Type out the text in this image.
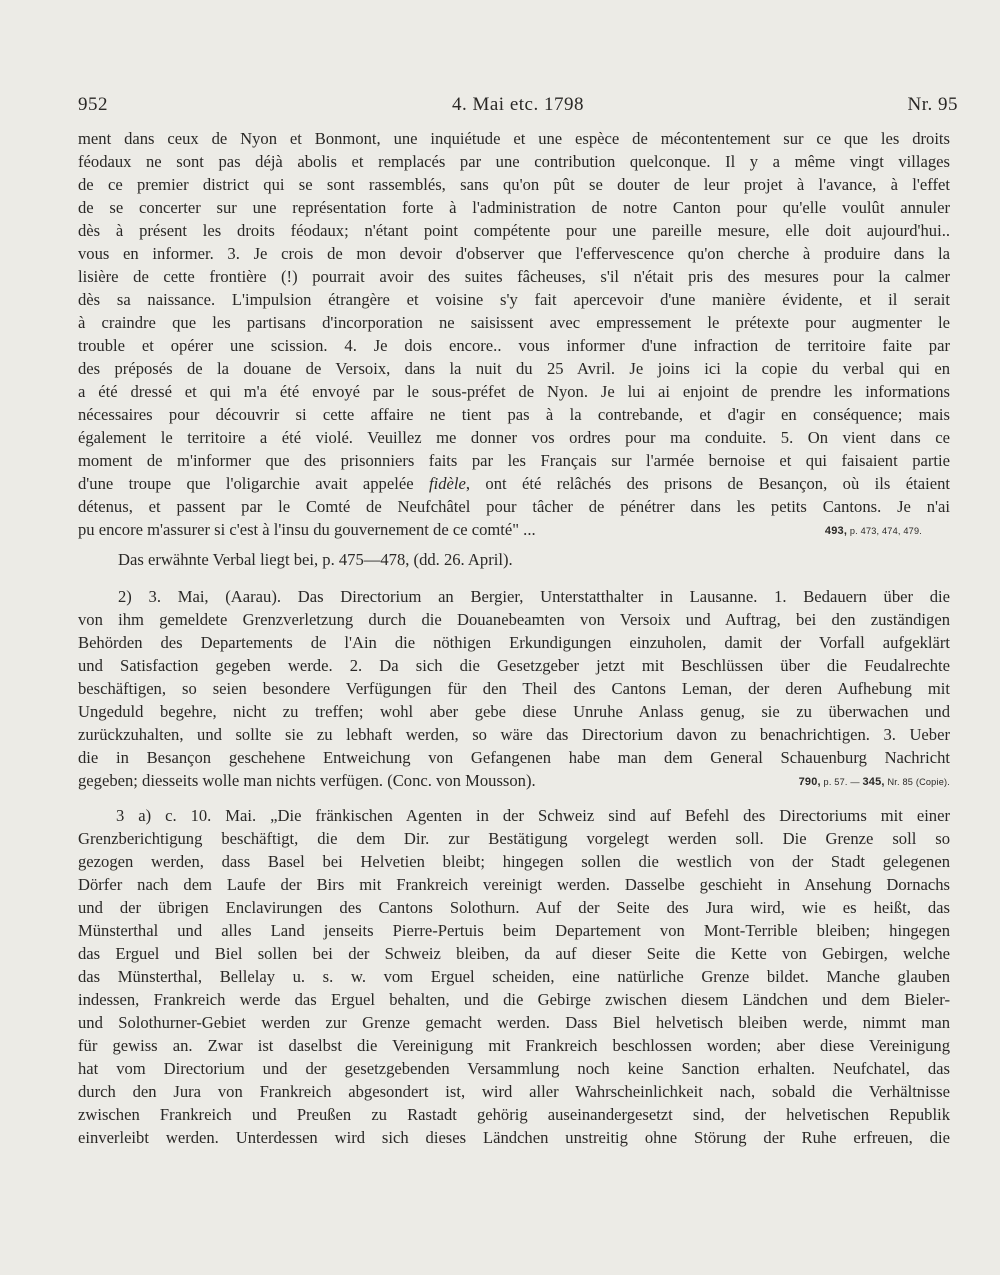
952	4. Mai etc. 1798	Nr. 95
ment dans ceux de Nyon et Bonmont, une inquiétude et une espèce de mécontentement sur ce que les droits
féodaux ne sont pas déjà abolis et remplacés par une contribution quelconque. Il y a même vingt villages
de ce premier district qui se sont rassemblés, sans qu'on pût se douter de leur projet à l'avance, à l'effet
de se concerter sur une représentation forte à l'administration de notre Canton pour qu'elle voulût annuler
dès à présent les droits féodaux; n'étant point compétente pour une pareille mesure, elle doit aujourd'hui..
vous en informer. 3. Je crois de mon devoir d'observer que l'effervescence qu'on cherche à produire dans la
lisière de cette frontière (!) pourrait avoir des suites fâcheuses, s'il n'était pris des mesures pour la calmer
dès sa naissance. L'impulsion étrangère et voisine s'y fait apercevoir d'une manière évidente, et il serait
à craindre que les partisans d'incorporation ne saisissent avec empressement le prétexte pour augmenter le
trouble et opérer une scission. 4. Je dois encore.. vous informer d'une infraction de territoire faite par
des préposés de la douane de Versoix, dans la nuit du 25 Avril. Je joins ici la copie du verbal qui en
a été dressé et qui m'a été envoyé par le sous-préfet de Nyon. Je lui ai enjoint de prendre les informations
nécessaires pour découvrir si cette affaire ne tient pas à la contrebande, et d'agir en conséquence; mais
également le territoire a été violé. Veuillez me donner vos ordres pour ma conduite. 5. On vient dans ce
moment de m'informer que des prisonniers faits par les Français sur l'armée bernoise et qui faisaient partie
d'une troupe que l'oligarchie avait appelée fidèle, ont été relâchés des prisons de Besançon, où ils étaient
détenus, et passent par le Comté de Neufchâtel pour tâcher de pénétrer dans les petits Cantons. Je n'ai
pu encore m'assurer si c'est à l'insu du gouvernement de ce comté" ...	493, p. 473, 474, 479.
Das erwähnte Verbal liegt bei, p. 475—478, (dd. 26. April).
2) 3. Mai, (Aarau). Das Directorium an Bergier, Unterstatthalter in Lausanne. 1. Bedauern über die
von ihm gemeldete Grenzverletzung durch die Douanebeamten von Versoix und Auftrag, bei den zuständigen
Behörden des Departements de l'Ain die nöthigen Erkundigungen einzuholen, damit der Vorfall aufgeklärt
und Satisfaction gegeben werde. 2. Da sich die Gesetzgeber jetzt mit Beschlüssen über die Feudalrechte
beschäftigen, so seien besondere Verfügungen für den Theil des Cantons Leman, der deren Aufhebung mit
Ungeduld begehre, nicht zu treffen; wohl aber gebe diese Unruhe Anlass genug, sie zu überwachen und
zurückzuhalten, und sollte sie zu lebhaft werden, so wäre das Directorium davon zu benachrichtigen. 3. Ueber
die in Besançon geschehene Entweichung von Gefangenen habe man dem General Schauenburg Nachricht
gegeben; diesseits wolle man nichts verfügen. (Conc. von Mousson).	790, p. 57. — 345, Nr. 85 (Copie).
3 a) c. 10. Mai. „Die fränkischen Agenten in der Schweiz sind auf Befehl des Directoriums mit einer
Grenzberichtigung beschäftigt, die dem Dir. zur Bestätigung vorgelegt werden soll. Die Grenze soll so
gezogen werden, dass Basel bei Helvetien bleibt; hingegen sollen die westlich von der Stadt gelegenen
Dörfer nach dem Laufe der Birs mit Frankreich vereinigt werden. Dasselbe geschieht in Ansehung Dornachs
und der übrigen Enclavirungen des Cantons Solothurn. Auf der Seite des Jura wird, wie es heißt, das
Münsterthal und alles Land jenseits Pierre-Pertuis beim Departement von Mont-Terrible bleiben; hingegen
das Erguel und Biel sollen bei der Schweiz bleiben, da auf dieser Seite die Kette von Gebirgen, welche
das Münsterthal, Bellelay u. s. w. vom Erguel scheiden, eine natürliche Grenze bildet. Manche glauben
indessen, Frankreich werde das Erguel behalten, und die Gebirge zwischen diesem Ländchen und dem Bieler-
und Solothurner-Gebiet werden zur Grenze gemacht werden. Dass Biel helvetisch bleiben werde, nimmt man
für gewiss an. Zwar ist daselbst die Vereinigung mit Frankreich beschlossen worden; aber diese Vereinigung
hat vom Directorium und der gesetzgebenden Versammlung noch keine Sanction erhalten. Neufchatel, das
durch den Jura von Frankreich abgesondert ist, wird aller Wahrscheinlichkeit nach, sobald die Verhältnisse
zwischen Frankreich und Preußen zu Rastadt gehörig auseinandergesetzt sind, der helvetischen Republik
einverleibt werden. Unterdessen wird sich dieses Ländchen unstreitig ohne Störung der Ruhe erfreuen, die
